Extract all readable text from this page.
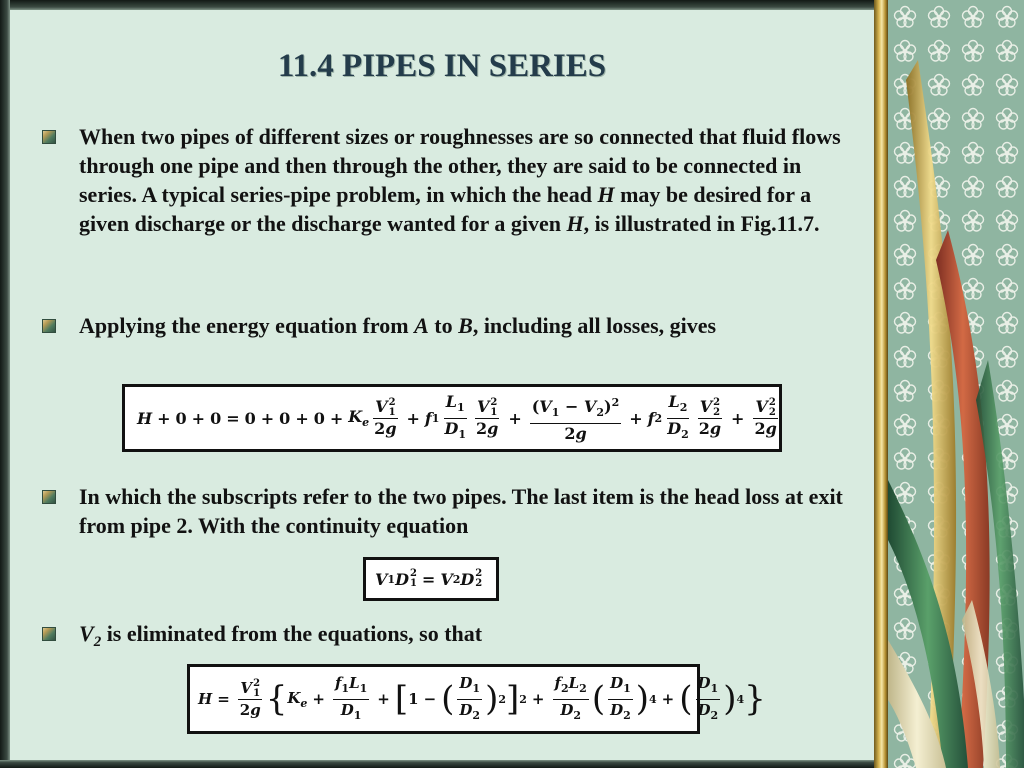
11.4 PIPES IN SERIES

When two pipes of different sizes or roughnesses are so connected that fluid flows through one pipe and then through the other, they are said to be connected in series. A typical series-pipe problem, in which the head H may be desired for a given discharge or the discharge wanted for a given H, is illustrated in Fig.11.7.

Applying the energy equation from A to B, including all losses, gives

$H + 0 + 0 = 0 + 0 + 0 + K_e$ V 2
1
2g + f $1 \frac{L_1}{D_1}$ V 2
1
$2g + \frac{(V_1 - V_2)^2}{2g} + f$ $2 \frac{L_2}{D_2}$ V 2
2
2g + V 2
2
2g

In which the subscripts refer to the two pipes. The last item is the head loss at exit from pipe 2. With the continuity equation

V 1 D 2
1 = V 2 D 2
2

$V_2$ is eliminated from the equations, so that

H = V 2
1
2g { $K_e + \frac{f_1L_1}{D_1}$ + [ 1 − ( $\frac{D_1}{D_2}$ ) 2 ] $2 + \frac{f_2L_2}{D_2}$ ( $\frac{D_1}{D_2}$ ) 4 + ( $\frac{D_1}{D_2}$ ) 4 }
